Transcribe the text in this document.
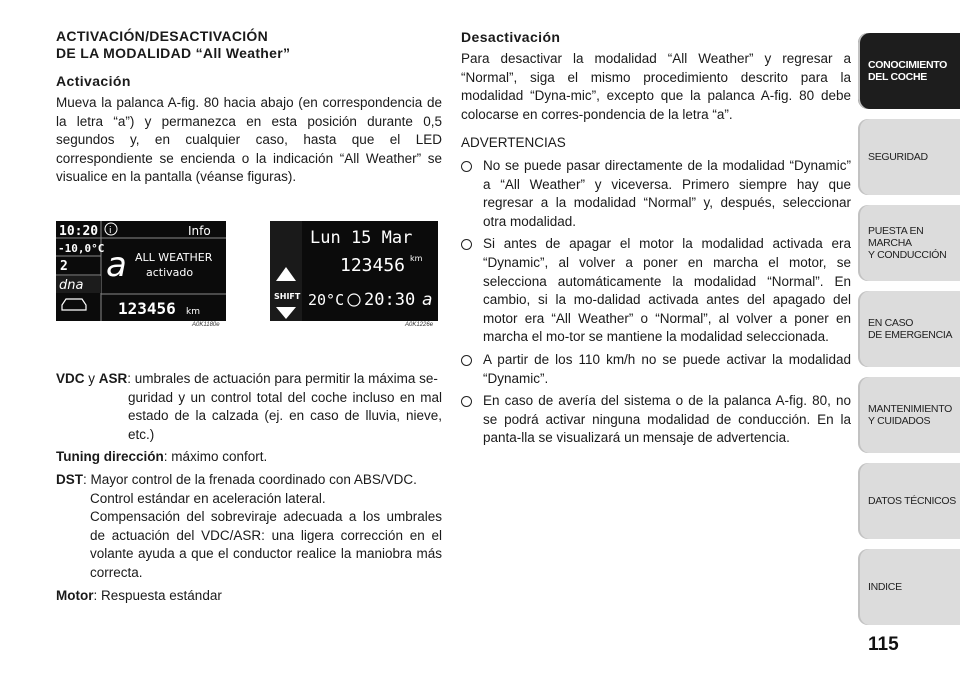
ACTIVACIÓN/DESACTIVACIÓN
DE LA MODALIDAD “All Weather”
Activación

Mueva la palanca A-fig. 80 hacia abajo (en correspondencia de la letra “a”) y permanezca en esta posición durante 0,5 segundos y, en cualquier caso, hasta que el LED correspondiente se encienda o la indicación “All Weather” se visualice en la pantalla (véanse figuras).

10:20 i	Info
-10,0°C
2
dna
a ALL WEATHER
activado
123456 km
A0K1180e
SHIFT
Lun 15 Mar
123456 km
20°C 20:30 a
A0K1226e
VDC y ASR : umbrales de actuación para permitir la máxima se-

guridad y un control total del coche incluso en mal estado de la calzada (ej. en caso de lluvia, nieve, etc.)

Tuning dirección: máximo confort.
DST: Mayor control de la frenada coordinado con ABS/VDC.

Control estándar en aceleración lateral.

Compensación del sobreviraje adecuada a los umbrales de actuación del VDC/ASR: una ligera corrección en el volante ayuda a que el conductor realice la maniobra más correcta.

Motor: Respuesta estándar
Desactivación

Para desactivar la modalidad “All Weather” y regresar a “Normal”, siga el mismo procedimiento descrito para la modalidad “Dyna-mic”, excepto que la palanca A-fig. 80 debe colocarse en corres-pondencia de la letra “a”.

ADVERTENCIAS
No se puede pasar directamente de la modalidad “Dynamic” a “All Weather” y viceversa. Primero siempre hay que regresar a la modalidad “Normal” y, después, seleccionar otra modalidad.
Si antes de apagar el motor la modalidad activada era “Dynamic”, al volver a poner en marcha el motor, se selecciona automáticamente la modalidad “Normal”. En cambio, si la mo-dalidad activada antes del apagado del motor era “All Weather” o “Normal”, al volver a poner en marcha el mo-tor se mantiene la modalidad seleccionada.
A partir de los 110 km/h no se puede activar la modalidad “Dynamic”.
En caso de avería del sistema o de la palanca A-fig. 80, no se podrá activar ninguna modalidad de conducción. En la panta-lla se visualizará un mensaje de advertencia.
CONOCIMIENTO
DEL COCHE
SEGURIDAD
PUESTA EN MARCHA
Y CONDUCCIÓN
EN CASO
DE EMERGENCIA
MANTENIMIENTO
Y CUIDADOS
DATOS TÉCNICOS
INDICE
115
